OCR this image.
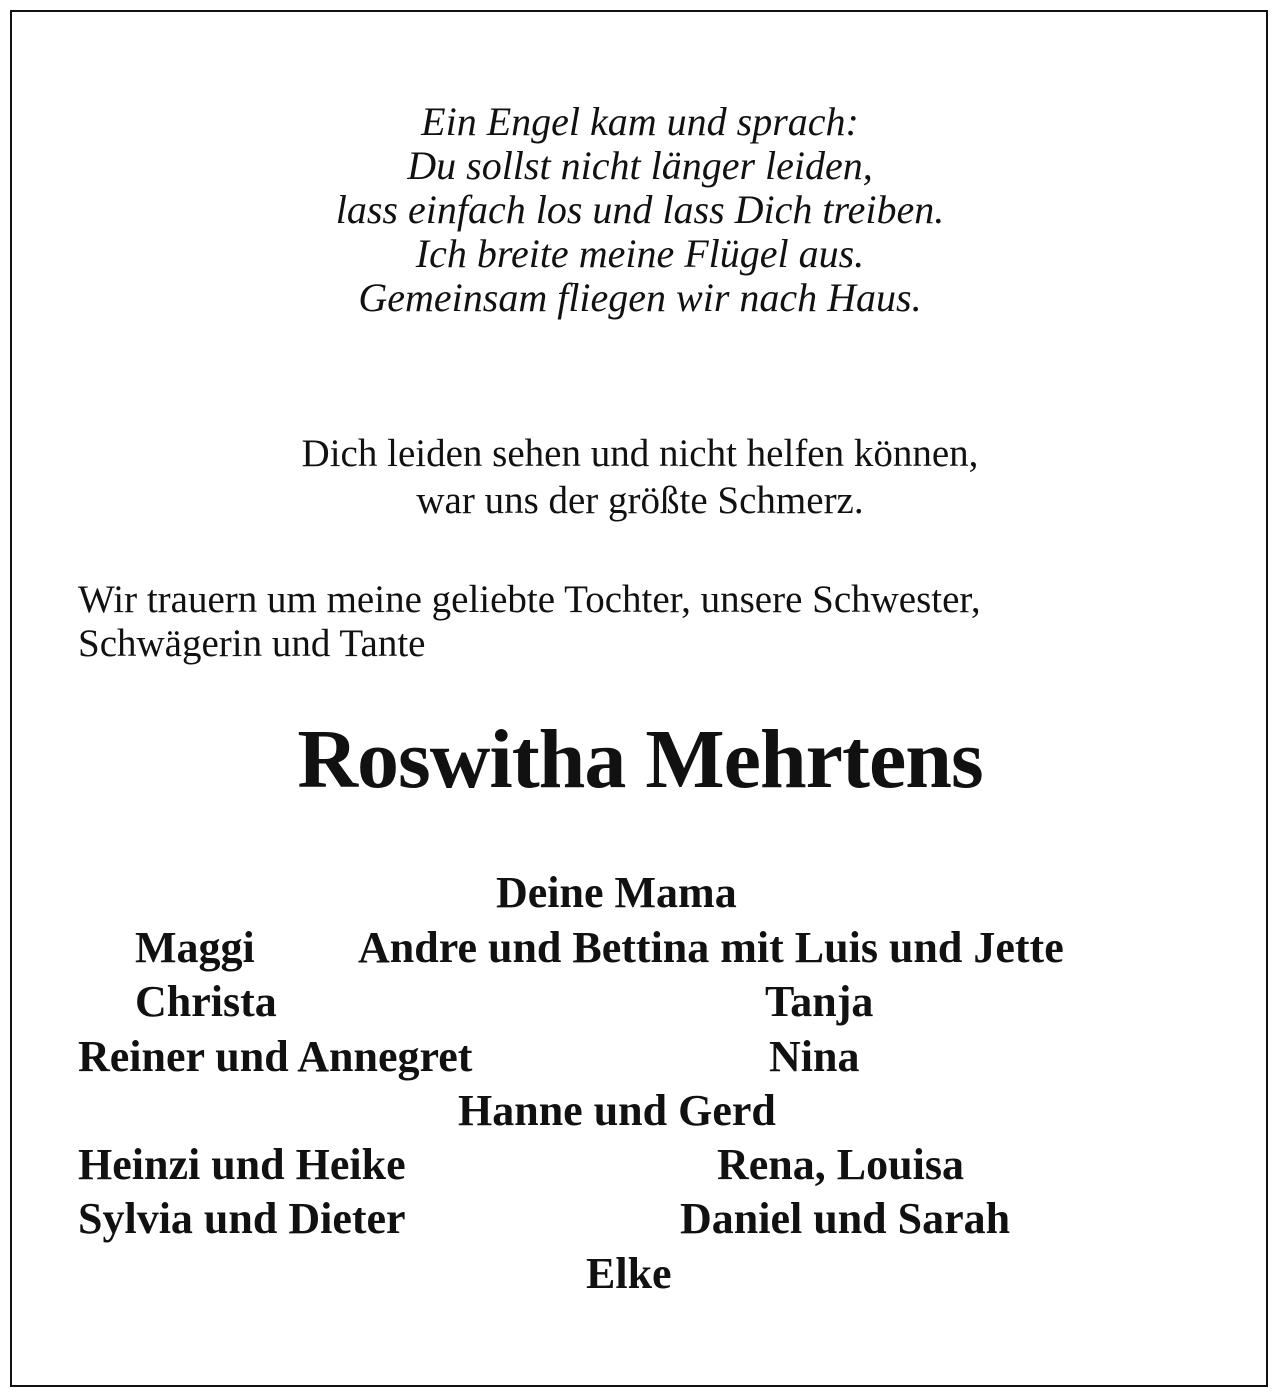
Ein Engel kam und sprach:
Du sollst nicht länger leiden,
lass einfach los und lass Dich treiben.
Ich breite meine Flügel aus.
Gemeinsam fliegen wir nach Haus.
Dich leiden sehen und nicht helfen können,
war uns der größte Schmerz.
Wir trauern um meine geliebte Tochter, unsere Schwester,
Schwägerin und Tante
Roswitha Mehrtens
Deine Mama
Maggi Andre und Bettina mit Luis und Jette
Christa	Tanja
Reiner und Annegret	Nina
Hanne und Gerd
Heinzi und Heike	Rena, Louisa
Sylvia und Dieter	Daniel und Sarah
Elke
